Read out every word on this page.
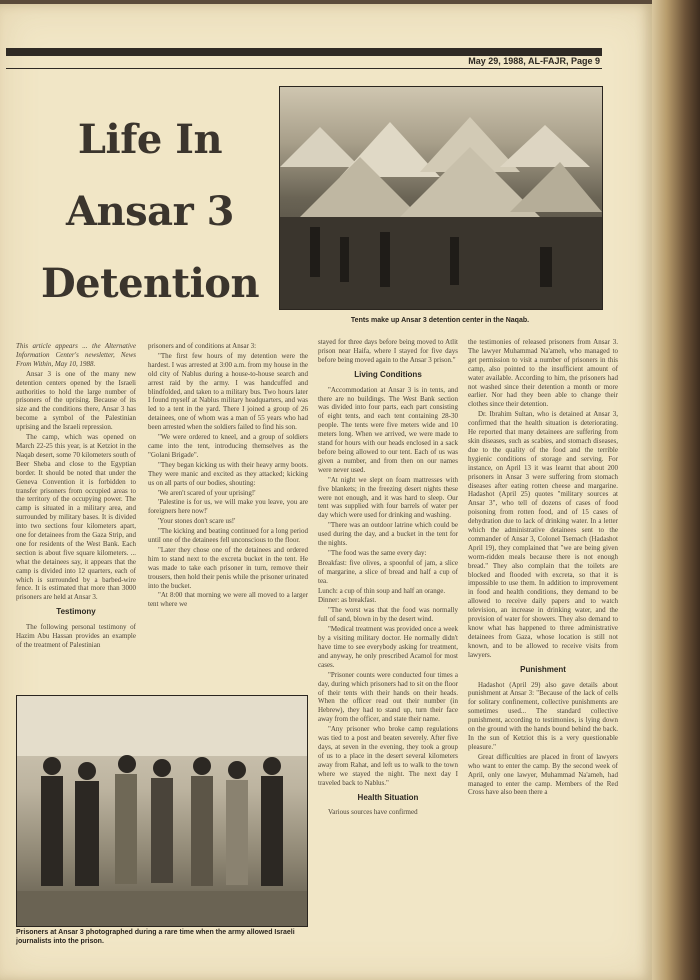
May 29, 1988, AL-FAJR, Page 9
Life In
Ansar 3
Detention
Tents make up Ansar 3 detention center in the Naqab.

This article appears ... the Alternative Information Center's newsletter, News From Within, May 10, 1988.

Ansar 3 is one of the many new detention centers opened by the Israeli authorities to hold the large number of prisoners of the uprising. Because of its size and the conditions there, Ansar 3 has become a symbol of the Palestinian uprising and the Israeli repression.

The camp, which was opened on March 22-25 this year, is at Ketziot in the Naqab desert, some 70 kilometers south of Beer Sheba and close to the Egyptian border. It should be noted that under the Geneva Convention it is forbidden to transfer prisoners from occupied areas to the territory of the occupying power. The camp is situated in a military area, and surrounded by military bases. It is divided into two sections four kilometers apart, one for detainees from the Gaza Strip, and one for residents of the West Bank. Each section is about five square kilometers. ... what the detainees say, it appears that the camp is divided into 12 quarters, each of which is surrounded by a barbed-wire fence. It is estimated that more than 3000 prisoners are held at Ansar 3.

Testimony

The following personal testimony of Hazim Abu Hassan provides an example of the treatment of Palestinian

prisoners and of conditions at Ansar 3:

"The first few hours of my detention were the hardest. I was arrested at 3:00 a.m. from my house in the old city of Nablus during a house-to-house search and arrest raid by the army. I was handcuffed and blindfolded, and taken to a military bus. Two hours later I found myself at Nablus military headquarters, and was led to a tent in the yard. There I joined a group of 26 detainees, one of whom was a man of 55 years who had been arrested when the soldiers failed to find his son.

"We were ordered to kneel, and a group of soldiers came into the tent, introducing themselves as the "Golani Brigade".

"They began kicking us with their heavy army boots. They were manic and excited as they attacked; kicking us on all parts of our bodies, shouting:

'We aren't scared of your uprising!'

'Palestine is for us, we will make you leave, you are foreigners here now!'

'Your stones don't scare us!'

"The kicking and beating continued for a long period until one of the detainees fell unconscious to the floor.

"Later they chose one of the detainees and ordered him to stand next to the excreta bucket in the tent. He was made to take each prisoner in turn, remove their trousers, then hold their penis while the prisoner urinated into the bucket.

"At 8:00 that morning we were all moved to a larger tent where we

stayed for three days before being moved to Atlit prison near Haifa, where I stayed for five days before being moved again to the Ansar 3 prison."

Living Conditions

"Accommodation at Ansar 3 is in tents, and there are no buildings. The West Bank section was divided into four parts, each part consisting of eight tents, and each tent containing 28-30 people. The tents were five meters wide and 10 meters long. When we arrived, we were made to stand for hours with our heads enclosed in a sack before being allowed to our tent. Each of us was given a number, and from then on our names were never used.

"At night we slept on foam mattresses with five blankets; in the freezing desert nights these were not enough, and it was hard to sleep. Our tent was supplied with four barrels of water per day which were used for drinking and washing.

"There was an outdoor latrine which could be used during the day, and a bucket in the tent for the nights.

"The food was the same every day:

Breakfast: five olives, a spoonful of jam, a slice of margarine, a slice of bread and half a cup of tea.

Lunch: a cup of thin soup and half an orange.

Dinner: as breakfast.

"The worst was that the food was normally full of sand, blown in by the desert wind.

"Medical treatment was provided once a week by a visiting military doctor. He normally didn't have time to see everybody asking for treatment, and anyway, he only prescribed Acamol for most cases.

"Prisoner counts were conducted four times a day, during which prisoners had to sit on the floor of their tents with their hands on their heads. When the officer read out their number (in Hebrew), they had to stand up, turn their face away from the officer, and state their name.

"Any prisoner who broke camp regulations was tied to a post and beaten severely. After five days, at seven in the evening, they took a group of us to a place in the desert several kilometers away from Rahat, and left us to walk to the town where we stayed the night. The next day I traveled back to Nablus."

Health Situation

Various sources have confirmed

the testimonies of released prisoners from Ansar 3. The lawyer Muhammad Na'ameh, who managed to get permission to visit a number of prisoners in this camp, also pointed to the insufficient amount of water available. According to him, the prisoners had not washed since their detention a month or more earlier. Nor had they been able to change their clothes since their detention.

Dr. Ibrahim Sultan, who is detained at Ansar 3, confirmed that the health situation is deteriorating. He reported that many detainees are suffering from skin diseases, such as scabies, and stomach diseases, due to the quality of the food and the terrible hygienic conditions of storage and serving. For instance, on April 13 it was learnt that about 200 prisoners in Ansar 3 were suffering from stomach diseases after eating rotten cheese and margarine. Hadashot (April 25) quotes "military sources at Ansar 3", who tell of dozens of cases of food poisoning from rotten food, and of 15 cases of dehydration due to lack of drinking water. In a letter which the administrative detainees sent to the commander of Ansar 3, Colonel Tsemach (Hadashot April 19), they complained that "we are being given worm-ridden meals because there is not enough bread." They also complain that the toilets are blocked and flooded with excreta, so that it is impossible to use them. In addition to improvement in food and health conditions, they demand to be allowed to receive daily papers and to watch television, an increase in drinking water, and the provision of water for showers. They also demand to know what has happened to three administrative detainees from Gaza, whose location is still not known, and to be allowed to receive visits from lawyers.

Punishment

Hadashot (April 29) also gave details about punishment at Ansar 3: "Because of the lack of cells for solitary confinement, collective punishments are sometimes used... The standard collective punishment, according to testimonies, is lying down on the ground with the hands bound behind the back. In the sun of Ketziot this is a very questionable pleasure."

Great difficulties are placed in front of lawyers who want to enter the camp. By the second week of April, only one lawyer, Muhammad Na'ameh, had managed to enter the camp. Members of the Red Cross have also been there a

Prisoners at Ansar 3 photographed during a rare time when the army allowed Israeli journalists into the prison.
